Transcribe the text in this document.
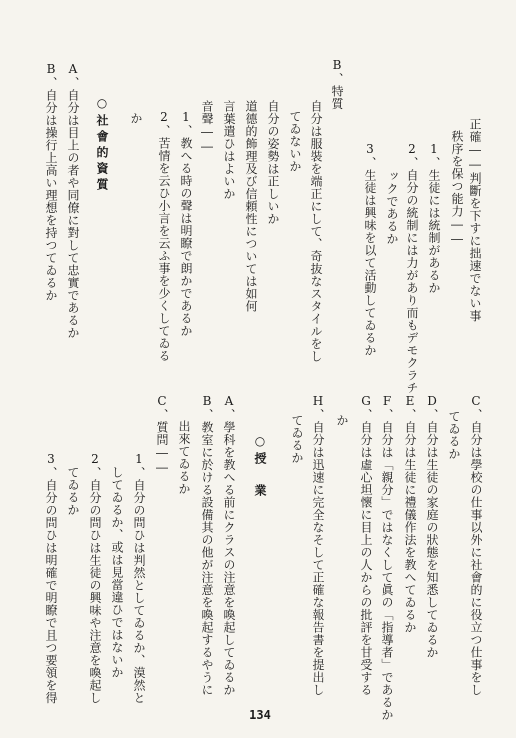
正確――判斷を下すに拙速でない事
秩序を保つ能力――
1、生徒には統制があるか
2、自分の統制には力があり而もデモクラチ
ックであるか
3、生徒は興味を以て活動してゐるか
B、特質
自分は服裝を端正にして、奇抜なスタイルをし
てゐないか
自分の姿勢は正しいか
道德的飾理及び信頼性については如何
言葉遣ひはよいか
音聲――
1、教へる時の聲は明瞭で朗かであるか
2、苦情を云ひ小言を云ふ事を少くしてゐる
か
○社會的資質
A、自分は目上の者や同僚に對して忠實であるか
B、自分は操行上高い理想を持つてゐるか
C、自分は學校の仕事以外に社會的に役立つ仕事をし
てゐるか
D、自分は生徒の家庭の狀態を知悉してゐるか
E、自分は生徒に禮儀作法を教へてゐるか
F、自分は「親分」ではなくして眞の「指導者」であるか
G、自分は虛心坦懷に目上の人からの批評を甘受する
か
H、自分は迅速に完全なそして正確な報告書を提出し
てゐるか
○授　業
A、學科を教へる前にクラスの注意を喚起してゐるか
B、教室に於ける設備其の他が注意を喚起するやうに
出來てゐるか
C、質問――
1、自分の問ひは判然としてゐるか、漠然と
してゐるか、或は見當違ひではないか
2、自分の問ひは生徒の興味や注意を喚起し
てゐるか
3、自分の問ひは明確で明瞭で且つ要領を得
134
